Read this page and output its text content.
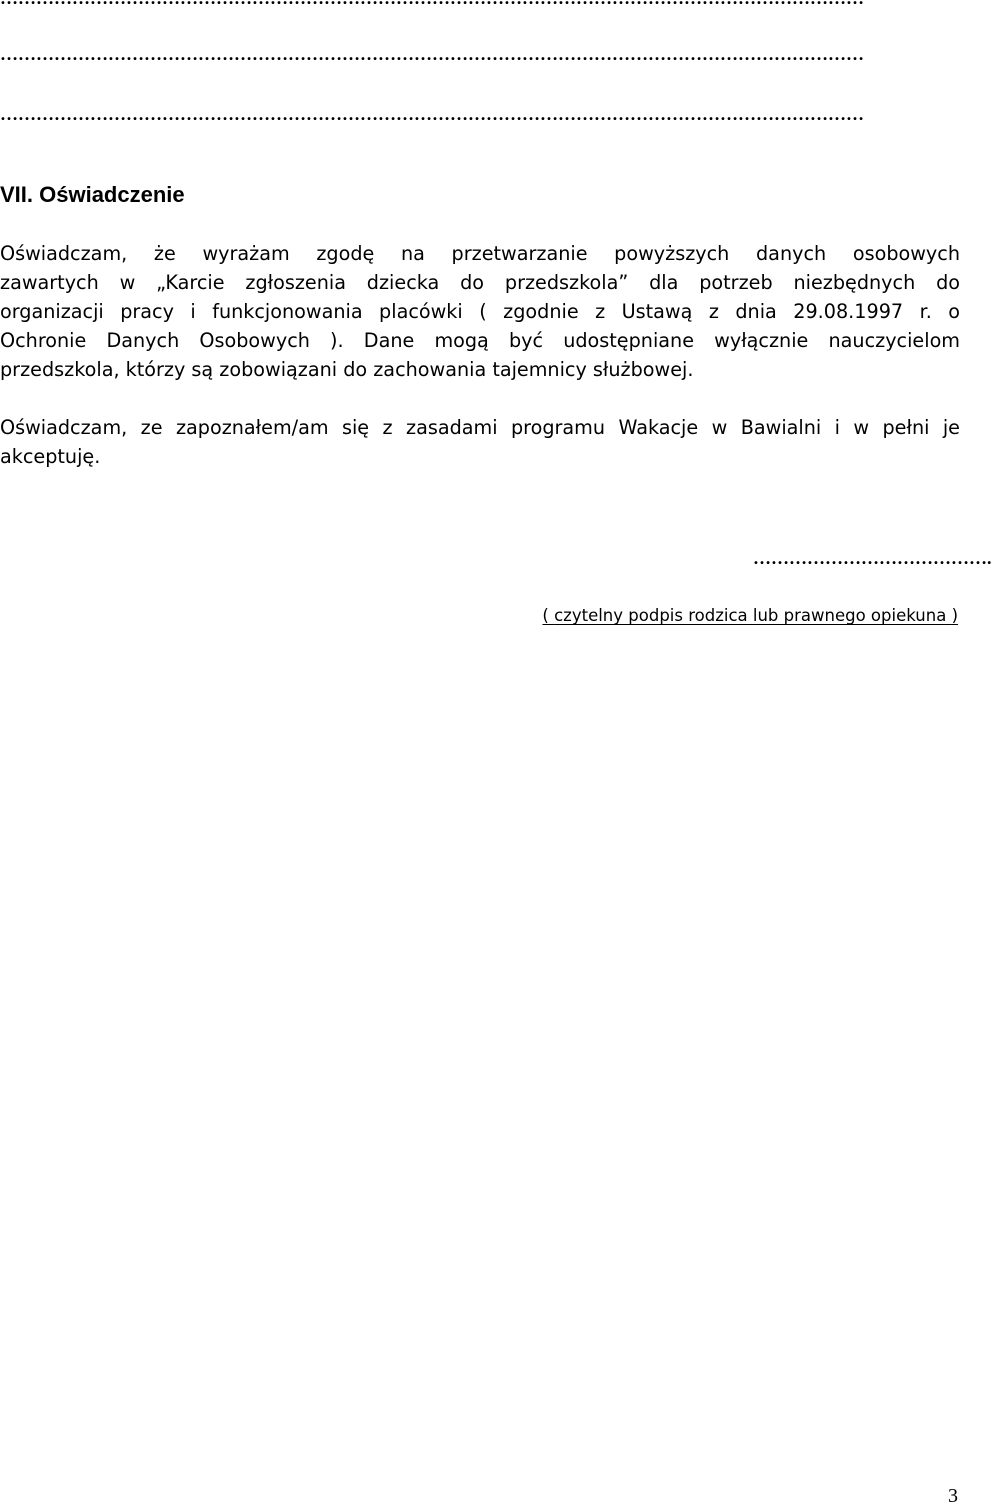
………………………………………………………………………………………………………………………………
………………………………………………………………………………………………………………………………
VII. Oświadczenie
Oświadczam, że wyrażam zgodę na przetwarzanie powyższych danych osobowych
zawartych w „Karcie zgłoszenia dziecka do przedszkola” dla potrzeb niezbędnych do
organizacji pracy i funkcjonowania placówki ( zgodnie z Ustawą z dnia 29.08.1997 r. o
Ochronie Danych Osobowych ). Dane mogą być udostępniane wyłącznie nauczycielom
przedszkola, którzy są zobowiązani do zachowania tajemnicy służbowej.
Oświadczam, ze zapoznałem/am się z zasadami programu Wakacje w Bawialni i w pełni je
akceptuję.
………………………………….
( czytelny podpis rodzica lub prawnego opiekuna )
3
